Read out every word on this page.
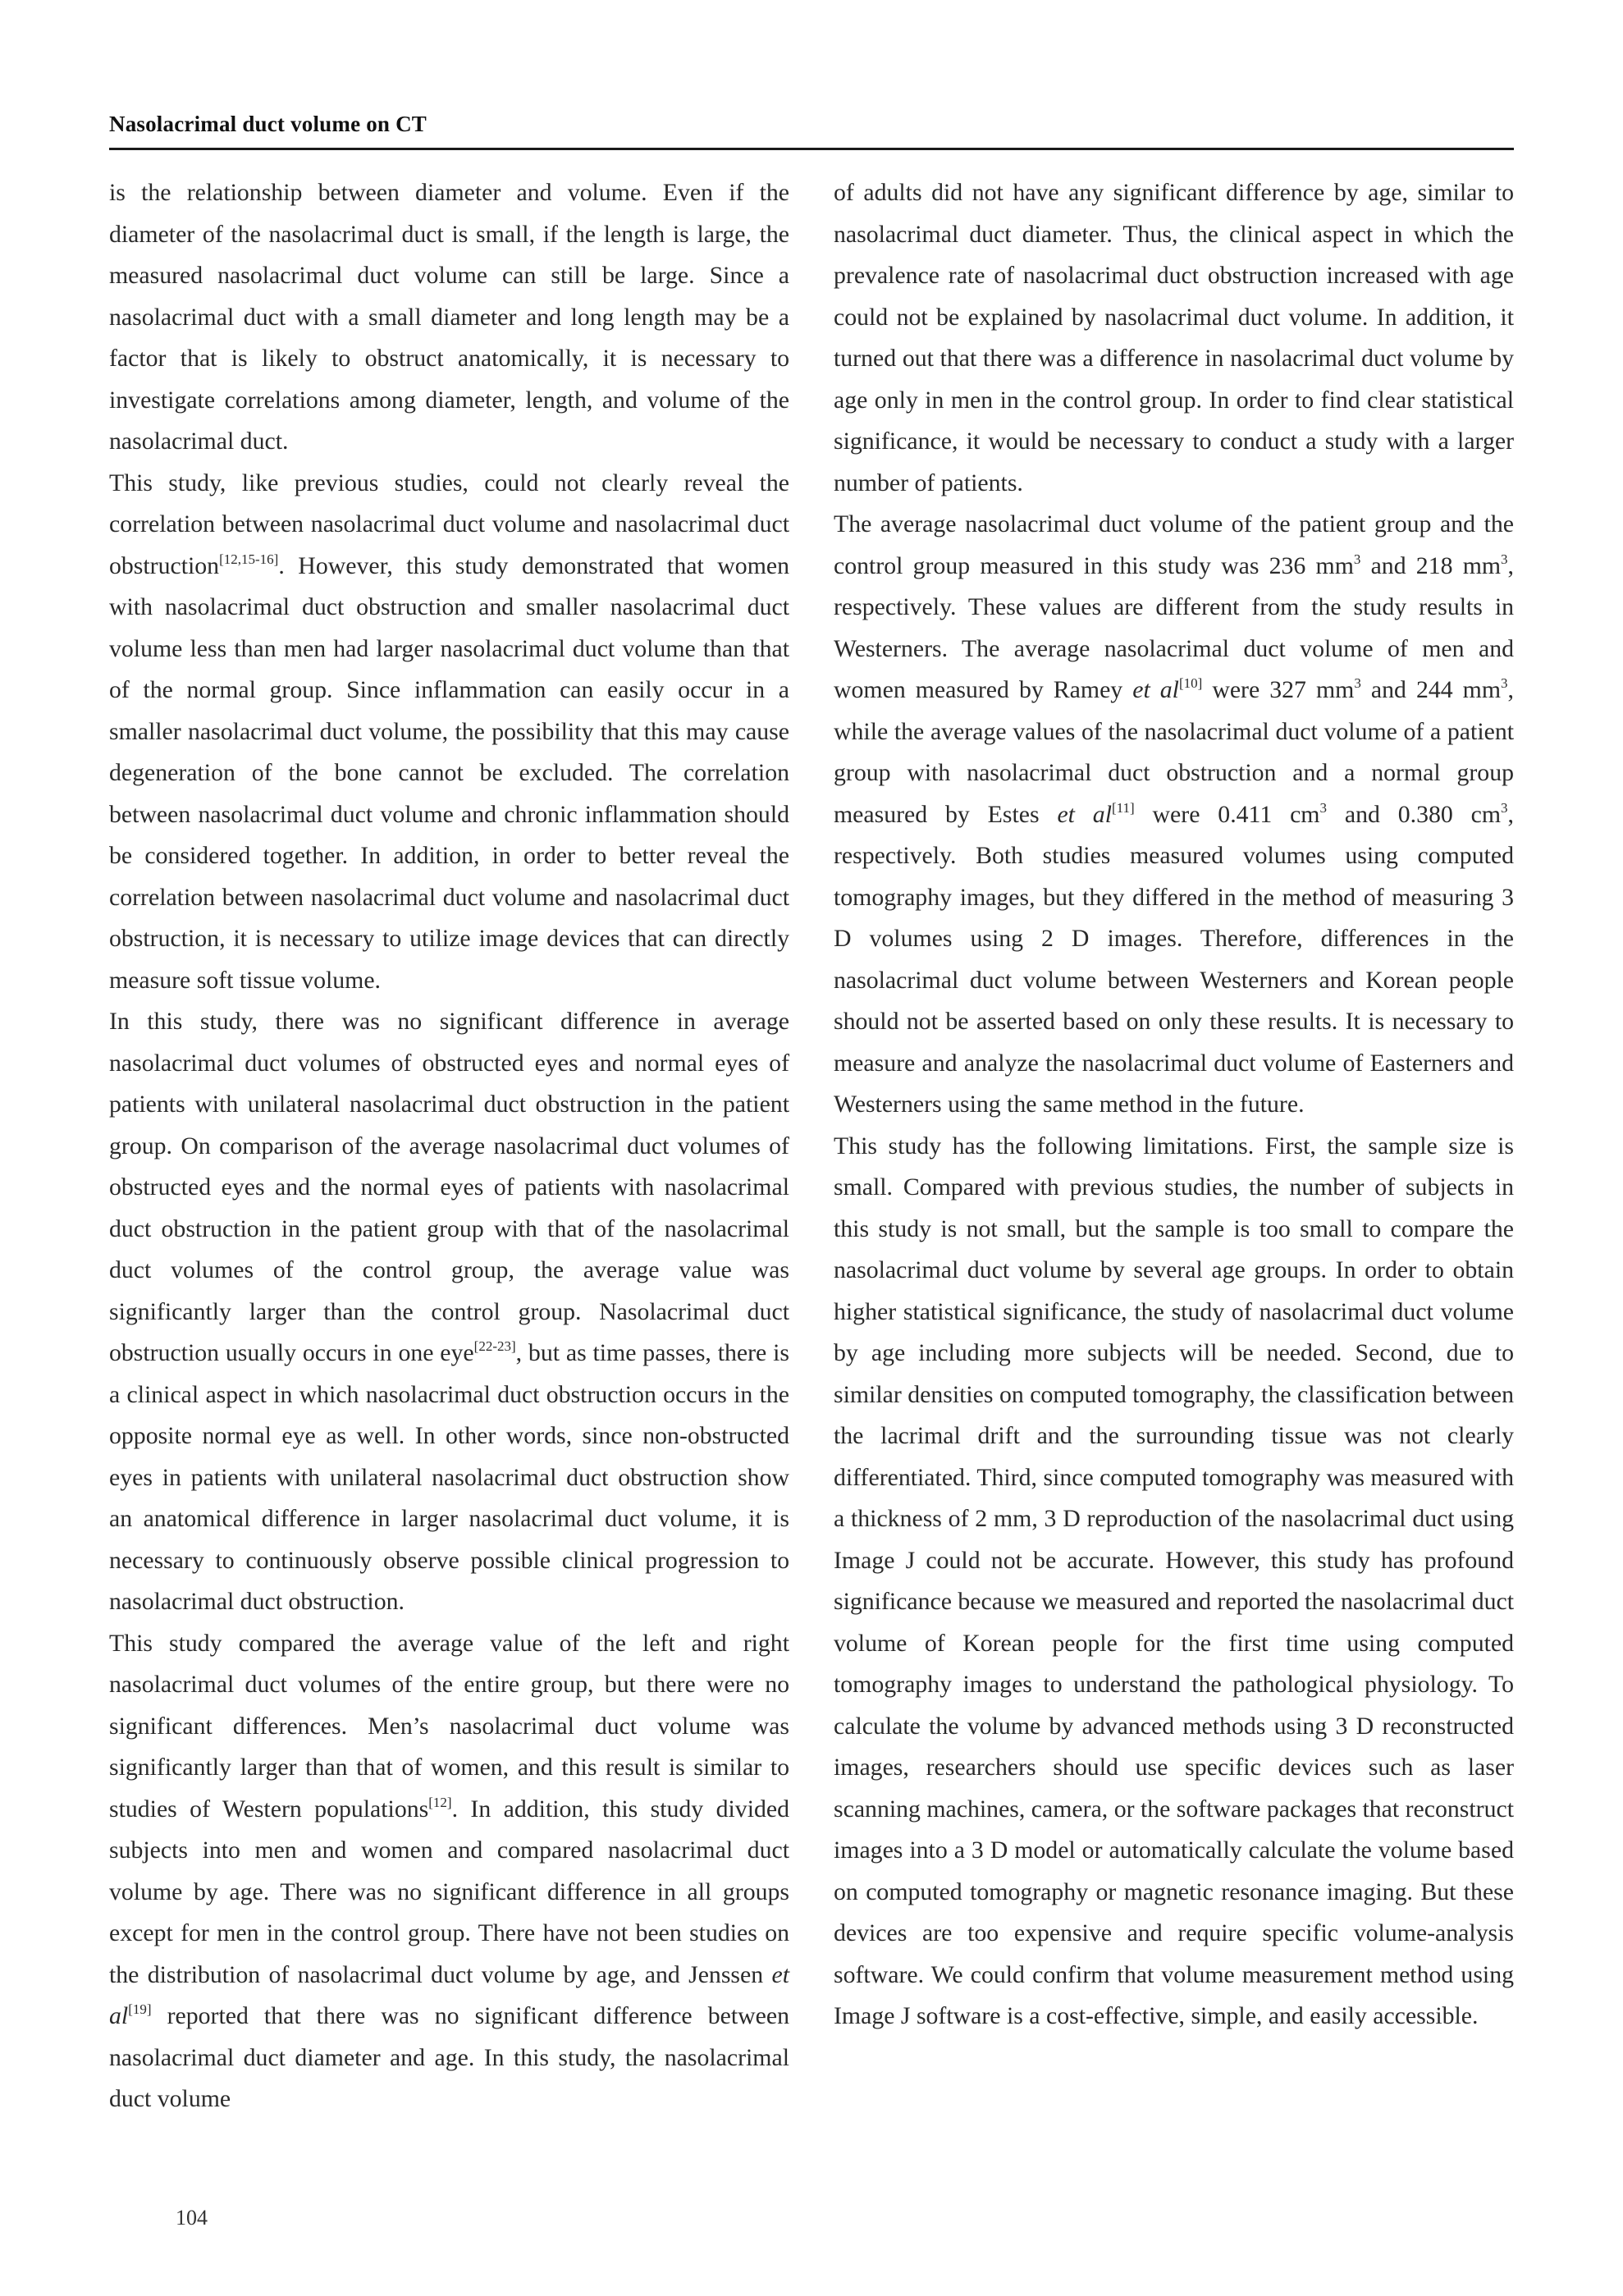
Nasolacrimal duct volume on CT

is the relationship between diameter and volume. Even if the diameter of the nasolacrimal duct is small, if the length is large, the measured nasolacrimal duct volume can still be large. Since a nasolacrimal duct with a small diameter and long length may be a factor that is likely to obstruct anatomically, it is necessary to investigate correlations among diameter, length, and volume of the nasolacrimal duct.

This study, like previous studies, could not clearly reveal the correlation between nasolacrimal duct volume and nasolacrimal duct obstruction[12,15-16]. However, this study demonstrated that women with nasolacrimal duct obstruction and smaller nasolacrimal duct volume less than men had larger nasolacrimal duct volume than that of the normal group. Since inflammation can easily occur in a smaller nasolacrimal duct volume, the possibility that this may cause degeneration of the bone cannot be excluded. The correlation between nasolacrimal duct volume and chronic inflammation should be considered together. In addition, in order to better reveal the correlation between nasolacrimal duct volume and nasolacrimal duct obstruction, it is necessary to utilize image devices that can directly measure soft tissue volume.

In this study, there was no significant difference in average nasolacrimal duct volumes of obstructed eyes and normal eyes of patients with unilateral nasolacrimal duct obstruction in the patient group. On comparison of the average nasolacrimal duct volumes of obstructed eyes and the normal eyes of patients with nasolacrimal duct obstruction in the patient group with that of the nasolacrimal duct volumes of the control group, the average value was significantly larger than the control group. Nasolacrimal duct obstruction usually occurs in one eye[22-23], but as time passes, there is a clinical aspect in which nasolacrimal duct obstruction occurs in the opposite normal eye as well. In other words, since non-obstructed eyes in patients with unilateral nasolacrimal duct obstruction show an anatomical difference in larger nasolacrimal duct volume, it is necessary to continuously observe possible clinical progression to nasolacrimal duct obstruction.

This study compared the average value of the left and right nasolacrimal duct volumes of the entire group, but there were no significant differences. Men’s nasolacrimal duct volume was significantly larger than that of women, and this result is similar to studies of Western populations[12]. In addition, this study divided subjects into men and women and compared nasolacrimal duct volume by age. There was no significant difference in all groups except for men in the control group. There have not been studies on the distribution of nasolacrimal duct volume by age, and Jenssen et al[19] reported that there was no significant difference between nasolacrimal duct diameter and age. In this study, the nasolacrimal duct volume

of adults did not have any significant difference by age, similar to nasolacrimal duct diameter. Thus, the clinical aspect in which the prevalence rate of nasolacrimal duct obstruction increased with age could not be explained by nasolacrimal duct volume. In addition, it turned out that there was a difference in nasolacrimal duct volume by age only in men in the control group. In order to find clear statistical significance, it would be necessary to conduct a study with a larger number of patients.

The average nasolacrimal duct volume of the patient group and the control group measured in this study was 236 $mm^3$ and 218 $mm^3$, respectively. These values are different from the study results in Westerners. The average nasolacrimal duct volume of men and women measured by Ramey et al[10] were 327 $mm^3$ and 244 $mm^3$, while the average values of the nasolacrimal duct volume of a patient group with nasolacrimal duct obstruction and a normal group measured by Estes et al[11] were 0.411 $cm^3$ and 0.380 $cm^3$, respectively. Both studies measured volumes using computed tomography images, but they differed in the method of measuring 3 D volumes using 2 D images. Therefore, differences in the nasolacrimal duct volume between Westerners and Korean people should not be asserted based on only these results. It is necessary to measure and analyze the nasolacrimal duct volume of Easterners and Westerners using the same method in the future.

This study has the following limitations. First, the sample size is small. Compared with previous studies, the number of subjects in this study is not small, but the sample is too small to compare the nasolacrimal duct volume by several age groups. In order to obtain higher statistical significance, the study of nasolacrimal duct volume by age including more subjects will be needed. Second, due to similar densities on computed tomography, the classification between the lacrimal drift and the surrounding tissue was not clearly differentiated. Third, since computed tomography was measured with a thickness of 2 mm, 3 D reproduction of the nasolacrimal duct using Image J could not be accurate. However, this study has profound significance because we measured and reported the nasolacrimal duct volume of Korean people for the first time using computed tomography images to understand the pathological physiology. To calculate the volume by advanced methods using 3 D reconstructed images, researchers should use specific devices such as laser scanning machines, camera, or the software packages that reconstruct images into a 3 D model or automatically calculate the volume based on computed tomography or magnetic resonance imaging. But these devices are too expensive and require specific volume-analysis software. We could confirm that volume measurement method using Image J software is a cost-effective, simple, and easily accessible.

104
